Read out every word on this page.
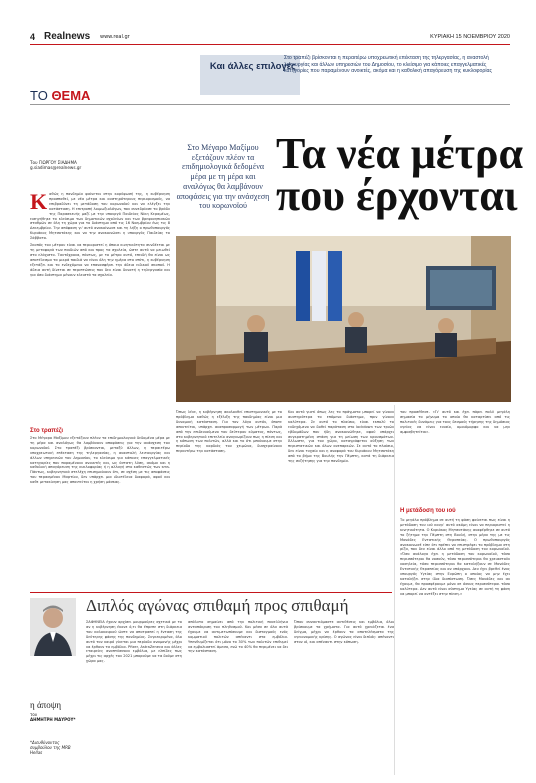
4 Realnews www.real.gr	ΚΥΡΙΑΚΗ 15 ΝΟΕΜΒΡΙΟΥ 2020
Και άλλες επιλογές
Στο τραπέζι βρίσκονται η περαιτέρω υποχρεωτική επέκταση της τηλεργασίας, η αναστολή λειτουργίας και άλλων υπηρεσιών του Δημοσίου, το κλείσιμο για κάποιες επαγγελματικές κατηγορίες που παραμένουν ανοικτές, ακόμα και η καθολική απαγόρευση της κυκλοφορίας
ΤΟ ΘΕΜΑ
Του ΓΙΩΡΓΟΥ ΣΙΑΔΗΜΑ
g.siadimas@realnews.gr
Στο Μέγαρο Μαξίμου εξετάζουν πλέον τα επιδημιολογικά δεδομένα μέρα με τη μέρα και αναλόγως θα λαμβάνουν αποφάσεις για την ανάσχεση του κορωνοϊού
Τα νέα μέτρα που έρχονται
Κ αθώς η πανδημία φαίνεται στην κορύφωσή της, η κυβέρνηση προσπαθεί, με νέα μέτρα και αυστηρότερους περιορισμούς, να επιβραδύνει τη μετάδοση του κορωνοϊού και να ελέγξει την κατάσταση. Η επιτροπή λοιμωξιολόγων, που συνεδρίασε το βράδυ της Παρασκευής μαζί με την υπουργό Παιδείας Νίκη Κεραμέως, εισηγήθηκε το κλείσιμο των δημοτικών σχολείων και των βρεφονηπιακών σταθμών σε όλη τη χώρα για το διάστημα από τις 16 Νοεμβρίου έως τις 8 Δεκεμβρίου. Την απόφαση γι' αυτό ανακοίνωσε και τη λήξη ο πρωθυπουργός Κυριάκος Μητσοτάκης και να την ανακοινώσει η υπουργός Παιδείας το Σάββατο.

Σκοπός του μέτρου είναι να περιοριστεί η όποια κινητικότητα συνδέεται με τη μεταφορά των παιδιών από και προς τα σχολεία, ώστε αυτό να μειωθεί στο ελάχιστο. Ταυτόχρονα, πάντως, με το μέτρο αυτό, επειδή θα είναι ως αποτέλεσμα τα μικρά παιδιά να είναι όλη την ημέρα στο σπίτι, η κυβέρνηση εξετάζει και το ενδεχόμενο να επανασφέρει την άδεια ειδικού σκοπού. Η άδεια αυτή δίνεται σε περιπτώσεις που δεν είναι δυνατή η τηλεργασία και για όσο διάστημα μένουν κλειστά τα σχολεία.

Στο τραπέζι

Στο Μέγαρο Μαξίμου εξετάζουν πλέον τα επιδημιολογικά δεδομένα μέρα με τη μέρα και αναλόγως θα λαμβάνουν αποφάσεις για την ανάσχεση του κορωνοϊού. Στο τραπέζι βρίσκονται, μεταξύ άλλων, η περαιτέρω υποχρεωτική επέκταση της τηλεργασίας, η αναστολή λειτουργίας και άλλων υπηρεσιών του Δημοσίου, το κλείσιμο για κάποιες επαγγελματικές κατηγορίες που παραμένουν ανοικτές και, ως ύστατη λύση, ακόμα και η καθολική απαγόρευση της κυκλοφορίας ή η αλλαγή στο καθεστώς των sms. Πάντως, κυβερνητικά στελέχη επισημαίνουν ότι, σε σχέση με τις αποφάσεις του περασμένου Μαρτίου, δεν υπάρχει μια ιδιοτέλεια διαφορά, αφού και καθε μετακίνηση μας απαιτείται η χρήση μάσκας.

Όπως λένε, η κυβέρνηση ακολουθεί επιστημονικές με το πρόβλημα καθώς η εξέλιξη της πανδημίας είναι μια δυναμική κατάσταση. Για τον λόγο αυτόν, όποτε απαιτείται, υπάρχει αναπροσαρμογή των μέτρων. Παρά από την επιδεινούμενο του δεύτερου κύματος, πάντως, στο κυβερνητικό επιτελείο αναγνωρίζουν πως η πίεση και η κόπωση των πολιτών, αλλά και το ότι μπαίνουμε στην περίοδο της καρδιάς του χειμώνα, δυσχεραίνουν περαιτέρω την κατάσταση.

Και αυτό γιατί όπως λες το πράγματα μπορεί να γίνουν αυστηρότερα το επόμενο διάστημα, πριν γίνουν καλύτερα. Σε αυτό το πλαίσιο, είναι εκπολύ το ενδεχόμενο να δοθεί παράταση στο lockdown των τριών εβδομάδων που ήδη ανακοινώθηκε, αφού υπάρχει συγκρατημένη στάση για τη μείωση των κρουσμάτων. Άλλωστε, για τον χώρο, καταγράφεται αύξηση των περιστατικών και όλων ανεπαρκών. Σε αυτό το πλαίσιο, δεν είναι τυχαίο και η αναφορά του Κυριάκου Μητσοτάκη από το βήμα της Βουλής την Πέμπτη, κατά τη διάρκεια της συζήτησης για την πανδημία.

του προσέθεσε. «Γι' αυτό και έχει πάρει πολύ μεγάλη σημασία το μήνυμα το οποίο θα καταρτίσει από τις πολιτικές δυνάμεις για τους δεσμούς τήρησης της δημόσιας υγείας να είναι ενιαίο, ομοιόμορφο και να μην αμφισβητείται».

Η μετάδοση του ιού

Το μεγάλο πρόβλημα σε αυτή τη φάση φαίνεται πως είναι η μετάδοση του ιού καιγι' αυτό ακόμη είναι να περιοριστεί η κινητικότητα. Ο Κυριάκος Μητσοτάκης αναφέρθηκε σε αυτό το ζήτημα την Πέμπτη στη Βουλή, στην μέρα της με τις Μονάδες Εντατικής Θεραπείας. Ο πρωθυπουργός ανακοινωσέ είπε ότι πρέπει να επιστρέφει το πρόβλημα στη ρίζα, που δεν είναι άλλο από τη μετάδοση του κορωνοϊού. «Όσο ανάλογο έχει η μετάδοση του κορωνοϊού, τόσο περισσότεροι θα νοσούν, τόσο περισσότεροι θα χρειαστούν νοσηλεία, τόσο περισσότεροι θα καταλήξουν σε Μονάδες Εντατικής Θεραπείας και αν υπάρχουν. Δεν έχει βρεθεί ένας υπουργός Υγείας στην Ευρώπη ο οποίος να μην έχει καταλήξει στην ίδια διαπίστωση. Όσες Μονάδες και αν έχουμε, θα προσφέρουμε μόνο σε όσους περισσότεροι τόσο καλύτερα. Δεν αυτό είναι σύστημα Υγείας σε αυτή τη φάση να μπορεί να αντέξει στην πίεση.»

η άποψη
του
ΔΗΜΗΤΡΗ ΜΑΥΡΟΥ*
*Διευθύνοντος συμβούλου της MRB Hellas
Διπλός αγώνας σπιθαμή προς σπιθαμή

ΣΑΦΗΝΕΙΑ έχουν αρχίσει μουρμούρες σχετικά με το αν η κυβέρνηση έκανε ό,τι θα έπρεπε στη διάρκεια του καλοκαιριού ώστε να αποτραπεί η ένταση της δεύτερης φάσης της πανδημίας. Συγκεκριμένα, όλο αυτό τον καιρό γίνεται μια περίοδο αναμονής μέχρι να έρθουν τα εμβόλια. Pfizer, AstraZeneca και άλλες εταιρείες αναπτύσσουν εμβόλια, με ελπίδες πως μέχρι τις αρχές του 2021 μπορούμε να τα δούμε στη χώρα μας.

απόλυτο σημαίνει από την πολιτική πανελλήνια ανταπόκριση του πληθυσμού. Και μέσα σε όλα αυτά έχουμε να αντιμετωπίσουμε και δισταγμούς ενός κομματιού πολιτών απέναντι στα εμβόλια. Υπενθυμίζεται ότι μόνο το 30% των πολιτών επιθυμεί να εμβολιαστεί άμεσα, ενώ το 40% θα περιμένει να δει την κατάσταση.

Όπου συναντιόμαστε αντιθέσεις και εμβόλια, όλοι βρίσκουμε τα χρήματα. Για αυτό χρειάζεται ένα δείγμα, μέχρι να έρθουν τα αποτελέσματα της υγειονομικής κρίσης. Ο αγώνας είναι διπλός: απέναντι στον ιό, και απέναντι στην κόπωση.
